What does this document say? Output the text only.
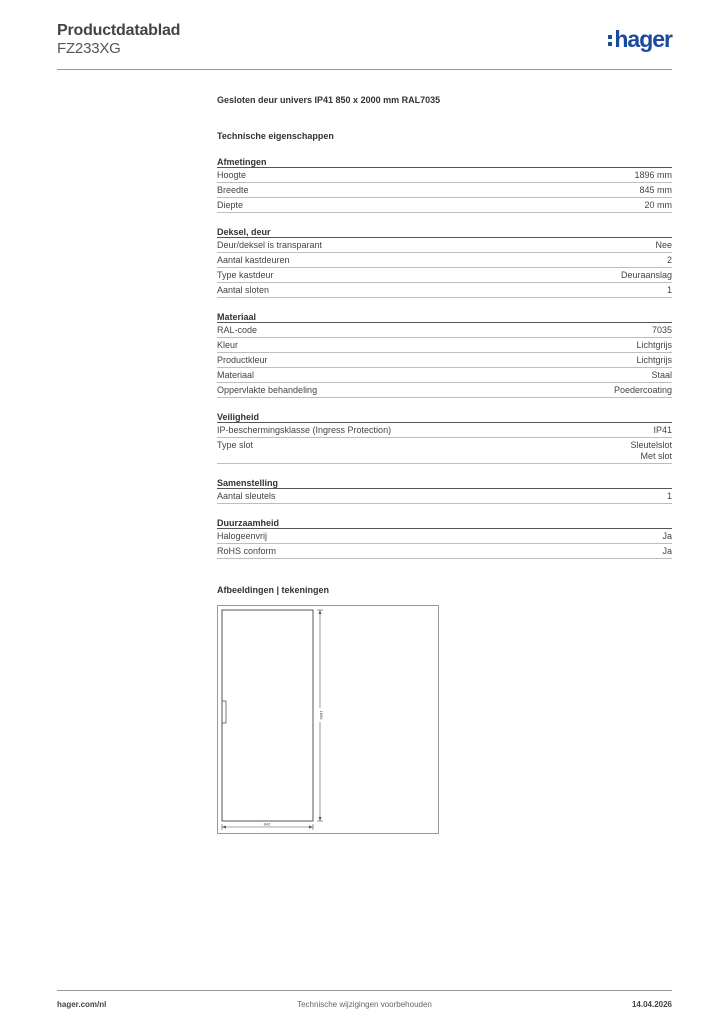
Productdatablad
FZ233XG	hager
Gesloten deur univers IP41 850 x 2000 mm RAL7035
Technische eigenschappen
Afmetingen
Hoogte	1896 mm
Breedte	845 mm
Diepte	20 mm
Deksel, deur
Deur/deksel is transparant	Nee
Aantal kastdeuren	2
Type kastdeur	Deuraanslag
Aantal sloten	1
Materiaal
RAL-code	7035
Kleur	Lichtgrijs
Productkleur	Lichtgrijs
Materiaal	Staal
Oppervlakte behandeling	Poedercoating
Veiligheid
IP-beschermingsklasse (Ingress Protection)	IP41
Type slot	Sleutelslot
Met slot
Samenstelling
Aantal sleutels	1
Duurzaamheid
Halogeenvrij	Ja
RoHS conform	Ja
Afbeeldingen | tekeningen
1896
842
hager.com/nl	Technische wijzigingen voorbehouden	14.04.2026
